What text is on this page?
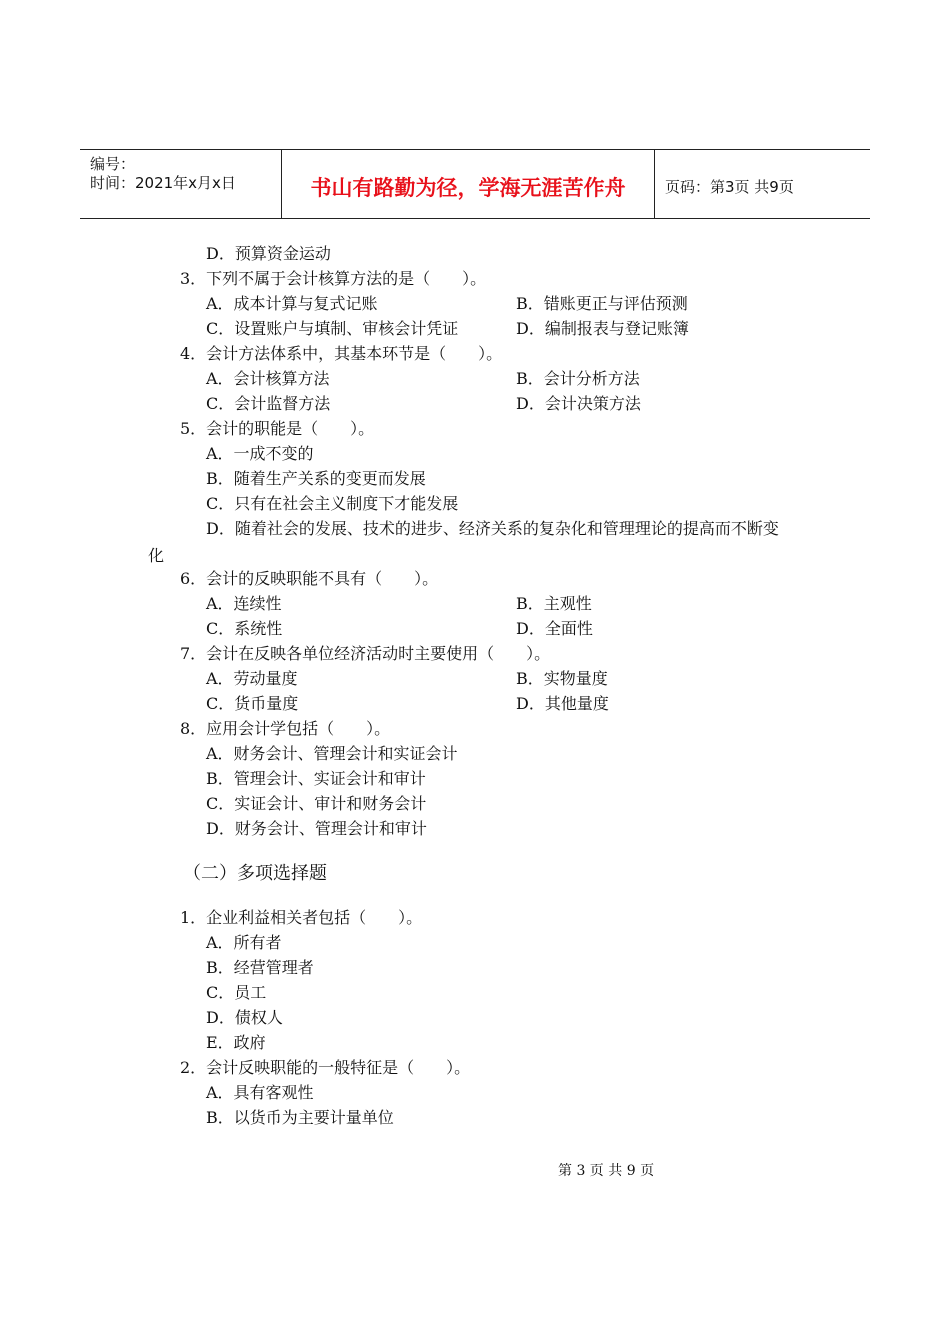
编号：
时间：2021年x月x日	书山有路勤为径，学海无涯苦作舟	页码：第3页 共9页
D．预算资金运动
3．下列不属于会计核算方法的是（　　）。
A．成本计算与复式记账	B．错账更正与评估预测
C．设置账户与填制、审核会计凭证	D．编制报表与登记账簿
4．会计方法体系中，其基本环节是（　　）。
A．会计核算方法	B．会计分析方法
C．会计监督方法	D．会计决策方法
5．会计的职能是（　　）。
A．一成不变的
B．随着生产关系的变更而发展
C．只有在社会主义制度下才能发展
D．随着社会的发展、技术的进步、经济关系的复杂化和管理理论的提高而不断变
化
6．会计的反映职能不具有（　　）。
A．连续性	B．主观性
C．系统性	D．全面性
7．会计在反映各单位经济活动时主要使用（　　）。
A．劳动量度	B．实物量度
C．货币量度	D．其他量度
8．应用会计学包括（　　）。
A．财务会计、管理会计和实证会计
B．管理会计、实证会计和审计
C．实证会计、审计和财务会计
D．财务会计、管理会计和审计
（二）多项选择题
1．企业利益相关者包括（　　）。
A．所有者
B．经营管理者
C．员工
D．债权人
E．政府
2．会计反映职能的一般特征是（　　）。
A．具有客观性
B．以货币为主要计量单位
第 3 页 共 9 页
